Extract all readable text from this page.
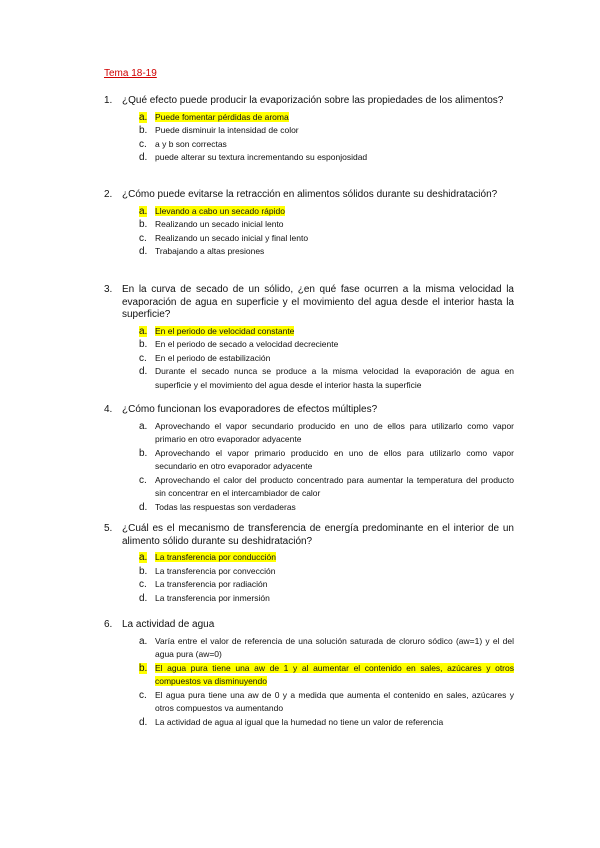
Tema 18-19
1. ¿Qué efecto puede producir la evaporización sobre las propiedades de los alimentos?
a. Puede fomentar pérdidas de aroma
b. Puede disminuir la intensidad de color
c. a y b son correctas
d. puede alterar su textura incrementando su esponjosidad
2. ¿Cómo puede evitarse la retracción en alimentos sólidos durante su deshidratación?
a. Llevando a cabo un secado rápido
b. Realizando un secado inicial lento
c. Realizando un secado inicial y final lento
d. Trabajando a altas presiones
3. En la curva de secado de un sólido, ¿en qué fase ocurren a la misma velocidad la evaporación de agua en superficie y el movimiento del agua desde el interior hasta la superficie?
a. En el periodo de velocidad constante
b. En el periodo de secado a velocidad decreciente
c. En el periodo de estabilización
d. Durante el secado nunca se produce a la misma velocidad la evaporación de agua en superficie y el movimiento del agua desde el interior hasta la superficie
4. ¿Cómo funcionan los evaporadores de efectos múltiples?
a. Aprovechando el vapor secundario producido en uno de ellos para utilizarlo como vapor primario en otro evaporador adyacente
b. Aprovechando el vapor primario producido en uno de ellos para utilizarlo como vapor secundario en otro evaporador adyacente
c. Aprovechando el calor del producto concentrado para aumentar la temperatura del producto sin concentrar en el intercambiador de calor
d. Todas las respuestas son verdaderas
5. ¿Cuál es el mecanismo de transferencia de energía predominante en el interior de un alimento sólido durante su deshidratación?
a. La transferencia por conducción
b. La transferencia por convección
c. La transferencia por radiación
d. La transferencia por inmersión
6. La actividad de agua
a. Varía entre el valor de referencia de una solución saturada de cloruro sódico (aw=1) y el del agua pura (aw=0)
b. El agua pura tiene una aw de 1 y al aumentar el contenido en sales, azúcares y otros compuestos va disminuyendo
c. El agua pura tiene una aw de 0 y a medida que aumenta el contenido en sales, azúcares y otros compuestos va aumentando
d. La actividad de agua al igual que la humedad no tiene un valor de referencia
